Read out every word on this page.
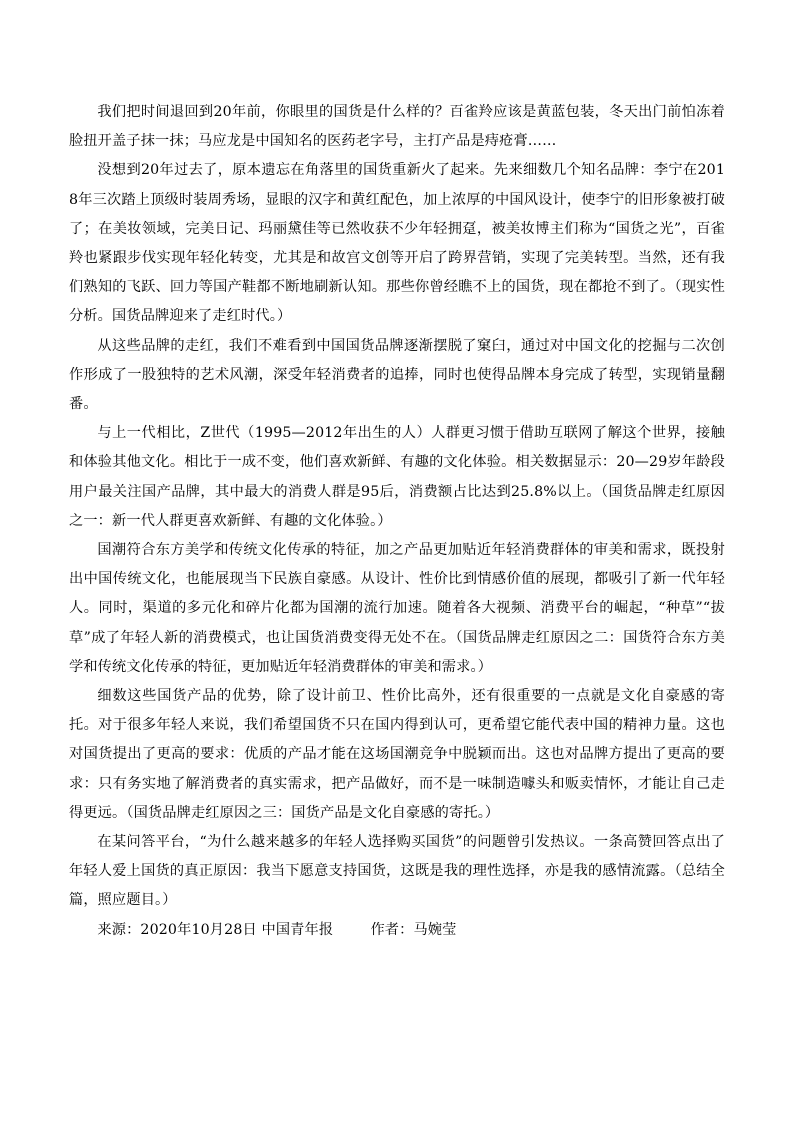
我们把时间退回到20年前，你眼里的国货是什么样的？百雀羚应该是黄蓝包装，冬天出门前怕冻着脸扭开盖子抹一抹；马应龙是中国知名的医药老字号，主打产品是痔疮膏……

没想到20年过去了，原本遗忘在角落里的国货重新火了起来。先来细数几个知名品牌：李宁在2018年三次踏上顶级时装周秀场，显眼的汉字和黄红配色，加上浓厚的中国风设计，使李宁的旧形象被打破了；在美妆领域，完美日记、玛丽黛佳等已然收获不少年轻拥趸，被美妆博主们称为“国货之光”，百雀羚也紧跟步伐实现年轻化转变，尤其是和故宫文创等开启了跨界营销，实现了完美转型。当然，还有我们熟知的飞跃、回力等国产鞋都不断地刷新认知。那些你曾经瞧不上的国货，现在都抢不到了。（现实性分析。国货品牌迎来了走红时代。）

从这些品牌的走红，我们不难看到中国国货品牌逐渐摆脱了窠臼，通过对中国文化的挖掘与二次创作形成了一股独特的艺术风潮，深受年轻消费者的追捧，同时也使得品牌本身完成了转型，实现销量翻番。

与上一代相比，Z世代（1995—2012年出生的人）人群更习惯于借助互联网了解这个世界，接触和体验其他文化。相比于一成不变，他们喜欢新鲜、有趣的文化体验。相关数据显示：20—29岁年龄段用户最关注国产品牌，其中最大的消费人群是95后，消费额占比达到25.8%以上。（国货品牌走红原因之一：新一代人群更喜欢新鲜、有趣的文化体验。）

国潮符合东方美学和传统文化传承的特征，加之产品更加贴近年轻消费群体的审美和需求，既投射出中国传统文化，也能展现当下民族自豪感。从设计、性价比到情感价值的展现，都吸引了新一代年轻人。同时，渠道的多元化和碎片化都为国潮的流行加速。随着各大视频、消费平台的崛起，“种草”“拔草”成了年轻人新的消费模式，也让国货消费变得无处不在。（国货品牌走红原因之二：国货符合东方美学和传统文化传承的特征，更加贴近年轻消费群体的审美和需求。）

细数这些国货产品的优势，除了设计前卫、性价比高外，还有很重要的一点就是文化自豪感的寄托。对于很多年轻人来说，我们希望国货不只在国内得到认可，更希望它能代表中国的精神力量。这也对国货提出了更高的要求：优质的产品才能在这场国潮竞争中脱颖而出。这也对品牌方提出了更高的要求：只有务实地了解消费者的真实需求，把产品做好，而不是一味制造噱头和贩卖情怀，才能让自己走得更远。（国货品牌走红原因之三：国货产品是文化自豪感的寄托。）

在某问答平台，“为什么越来越多的年轻人选择购买国货”的问题曾引发热议。一条高赞回答点出了年轻人爱上国货的真正原因：我当下愿意支持国货，这既是我的理性选择，亦是我的感情流露。（总结全篇，照应题目。）

来源：2020年10月28日 中国青年报        作者：马婉莹
